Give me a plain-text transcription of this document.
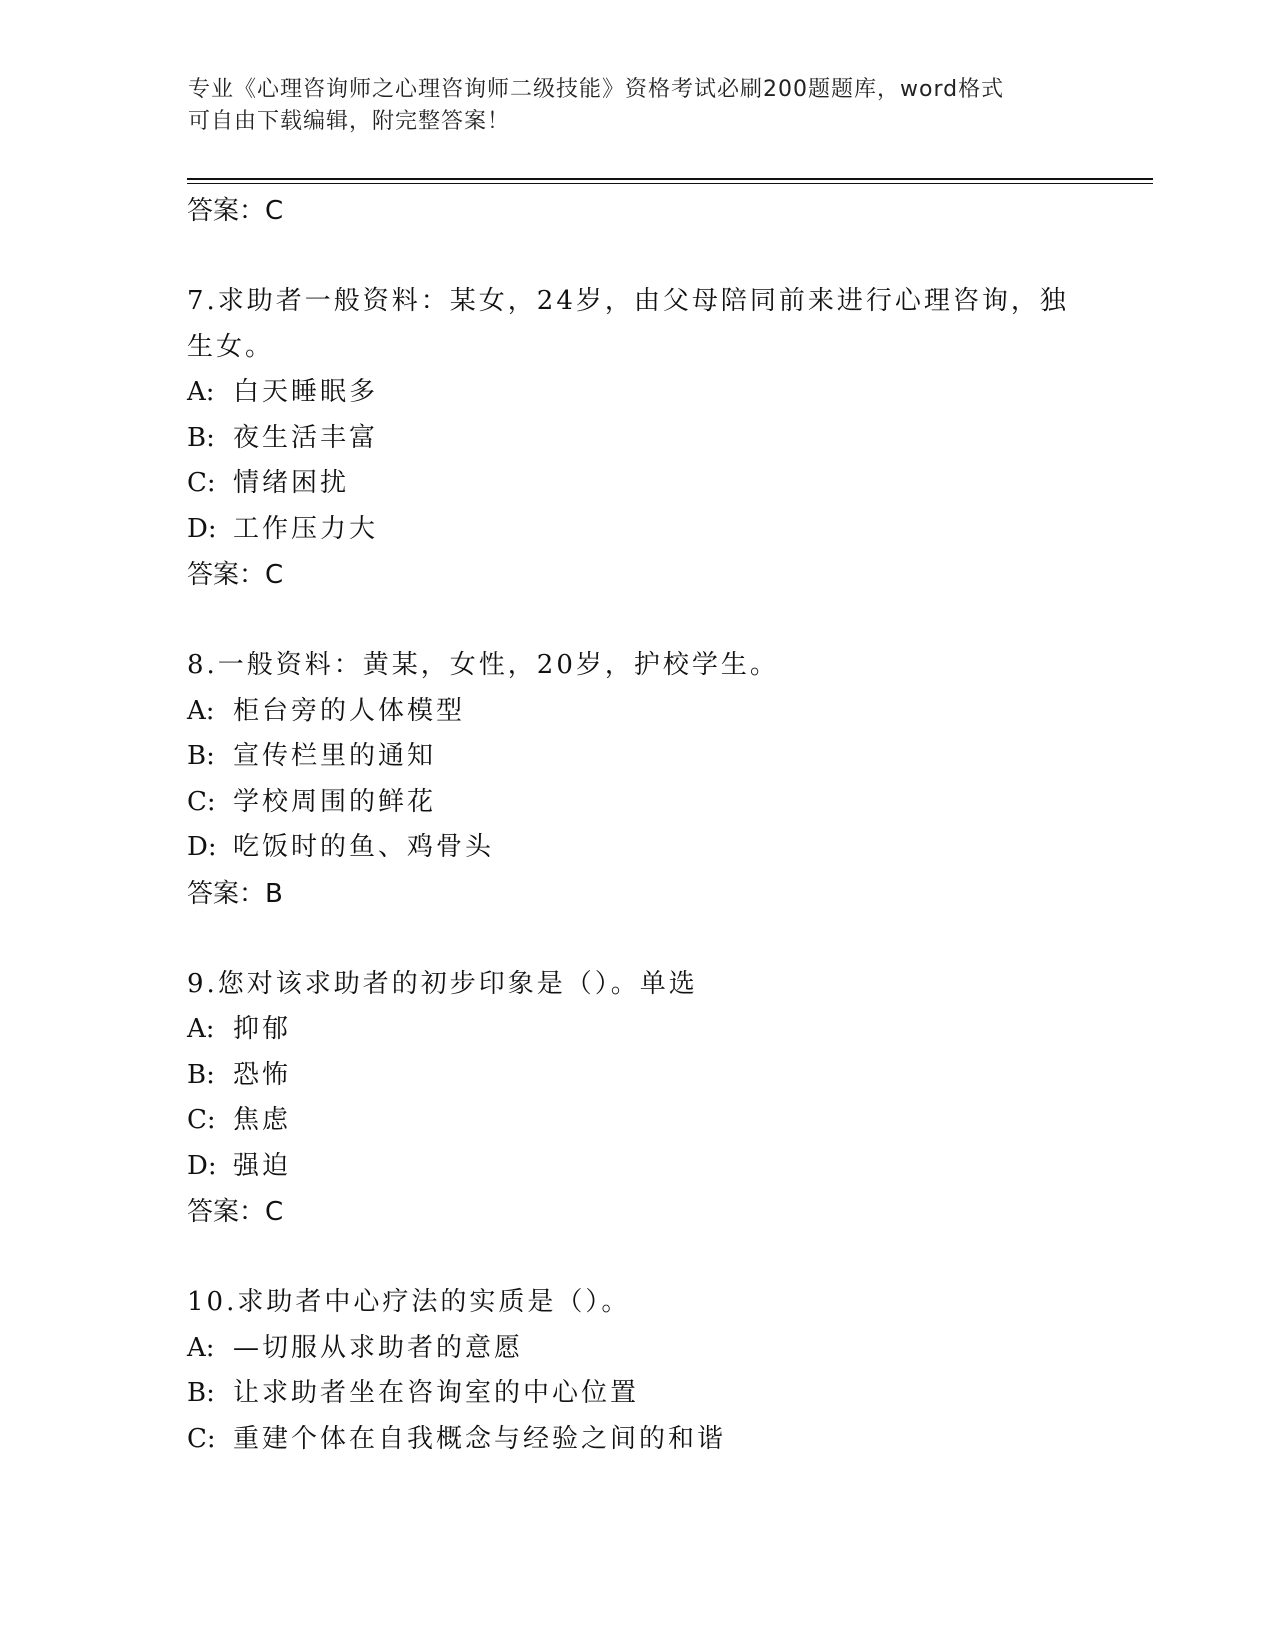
专业《心理咨询师之心理咨询师二级技能》资格考试必刷200题题库，word格式
可自由下载编辑，附完整答案！
答案：C
7.求助者一般资料：某女，24岁，由父母陪同前来进行心理咨询，独生女。
A: 白天睡眠多
B: 夜生活丰富
C: 情绪困扰
D: 工作压力大
答案：C
8.一般资料：黄某，女性，20岁，护校学生。
A: 柜台旁的人体模型
B: 宣传栏里的通知
C: 学校周围的鲜花
D: 吃饭时的鱼、鸡骨头
答案：B
9.您对该求助者的初步印象是（）。单选
A: 抑郁
B: 恐怖
C: 焦虑
D: 强迫
答案：C
10.求助者中心疗法的实质是（）。
A: —切服从求助者的意愿
B: 让求助者坐在咨询室的中心位置
C: 重建个体在自我概念与经验之间的和谐
